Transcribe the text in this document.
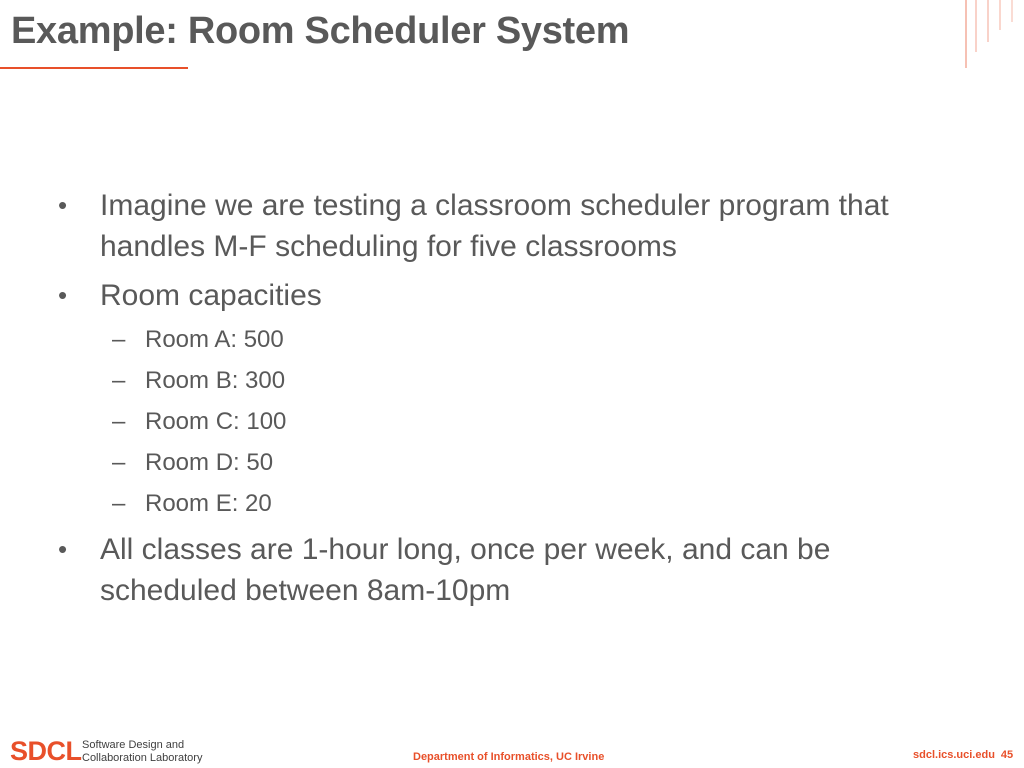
Example: Room Scheduler System
• Imagine we are testing a classroom scheduler program that
handles M-F scheduling for five classrooms
• Room capacities
– Room A: 500
– Room B: 300
– Room C: 100
– Room D: 50
– Room E: 20
• All classes are 1-hour long, once per week, and can be
scheduled between 8am-10pm
SDCL Software Design and
Collaboration Laboratory	Department of Informatics, UC Irvine	sdcl.ics.uci.edu 45
